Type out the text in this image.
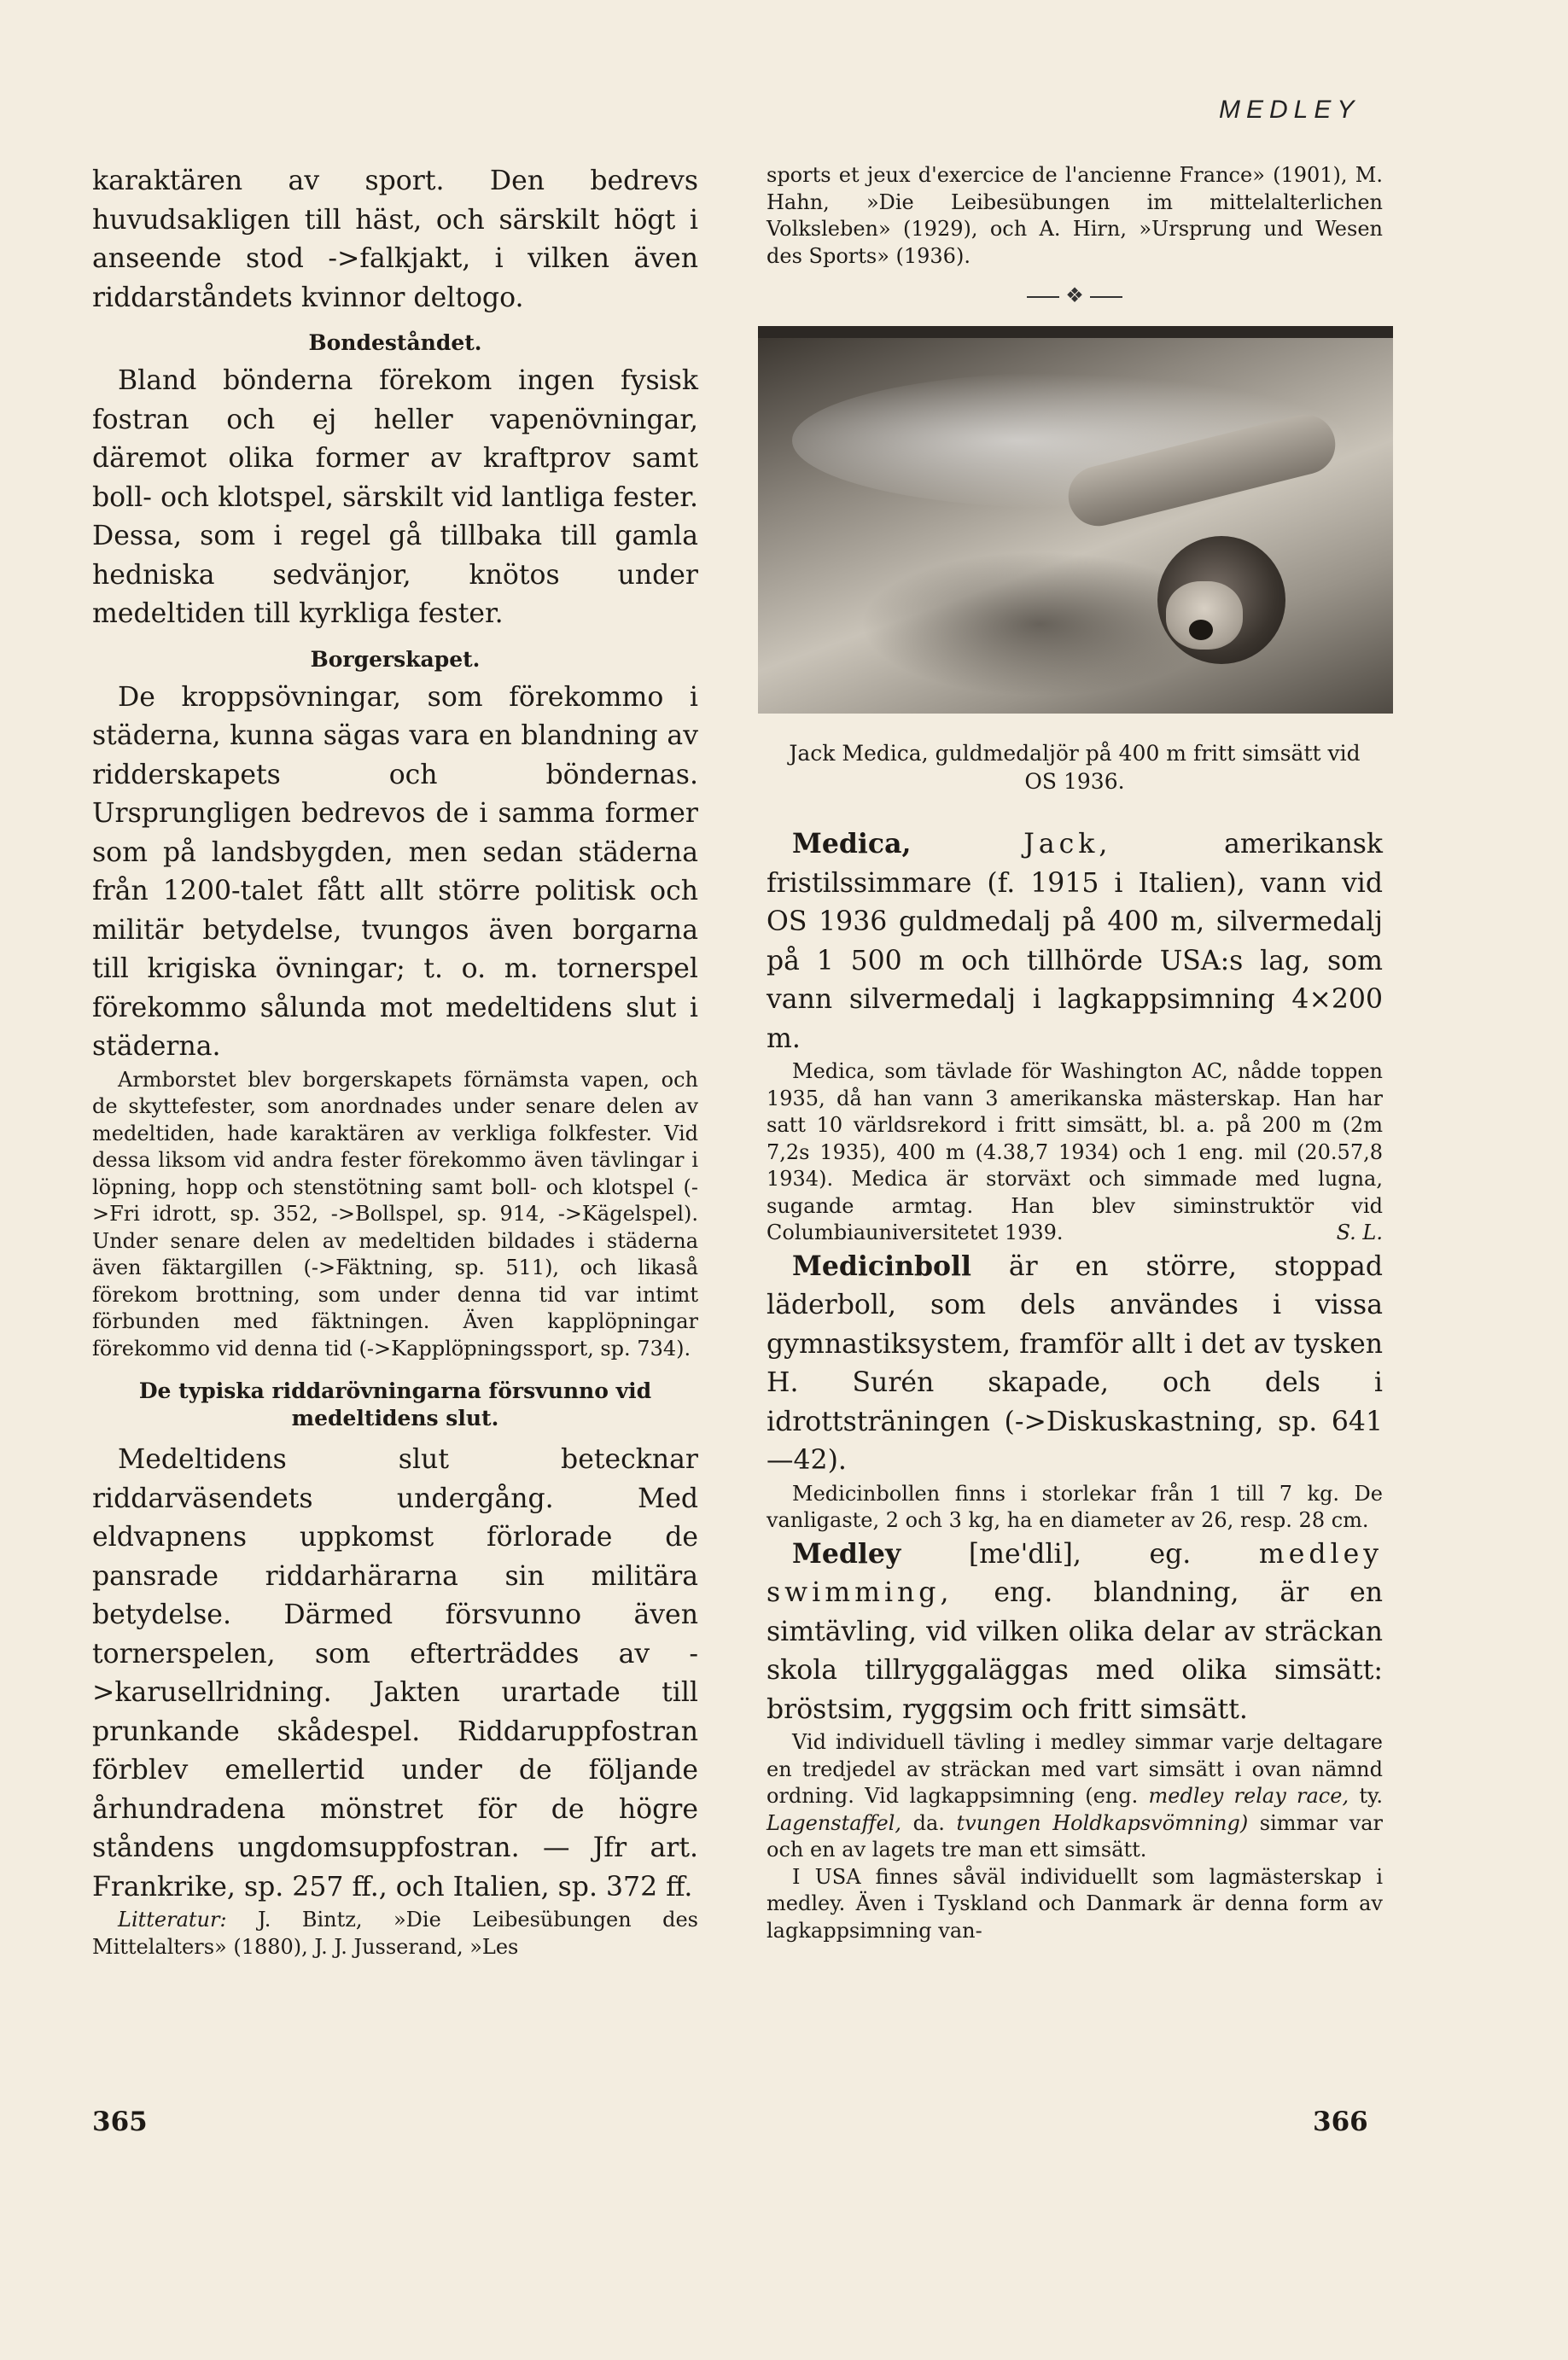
MEDLEY

karaktären av sport. Den bedrevs huvudsakligen till häst, och särskilt högt i anseende stod ->falkjakt, i vilken även riddarståndets kvinnor deltogo.

Bondeståndet.

Bland bönderna förekom ingen fysisk fostran och ej heller vapenövningar, däremot olika former av kraftprov samt boll- och klotspel, särskilt vid lantliga fester. Dessa, som i regel gå tillbaka till gamla hedniska sedvänjor, knötos under medeltiden till kyrkliga fester.

Borgerskapet.

De kroppsövningar, som förekommo i städerna, kunna sägas vara en blandning av ridderskapets och böndernas. Ursprungligen bedrevos de i samma former som på landsbygden, men sedan städerna från 1200-talet fått allt större politisk och militär betydelse, tvungos även borgarna till krigiska övningar; t. o. m. tornerspel förekommo sålunda mot medeltidens slut i städerna.

Armborstet blev borgerskapets förnämsta vapen, och de skyttefester, som anordnades under senare delen av medeltiden, hade karaktären av verkliga folkfester. Vid dessa liksom vid andra fester förekommo även tävlingar i löpning, hopp och stenstötning samt boll- och klotspel (->Fri idrott, sp. 352, ->Bollspel, sp. 914, ->Kägelspel). Under senare delen av medeltiden bildades i städerna även fäktargillen (->Fäktning, sp. 511), och likaså förekom brottning, som under denna tid var intimt förbunden med fäktningen. Även kapplöpningar förekommo vid denna tid (->Kapplöpningssport, sp. 734).

De typiska riddarövningarna försvunno vid medeltidens slut.

Medeltidens slut betecknar riddarväsendets undergång. Med eldvapnens uppkomst förlorade de pansrade riddarhärarna sin militära betydelse. Därmed försvunno även tornerspelen, som efterträddes av ->karusellridning. Jakten urartade till prunkande skådespel. Riddaruppfostran förblev emellertid under de följande århundradena mönstret för de högre ståndens ungdomsuppfostran. — Jfr art. Frankrike, sp. 257 ff., och Italien, sp. 372 ff.

Litteratur: J. Bintz, »Die Leibesübungen des Mittelalters» (1880), J. J. Jusserand, »Les

365

sports et jeux d'exercice de l'ancienne France» (1901), M. Hahn, »Die Leibesübungen im mittelalterlichen Volksleben» (1929), och A. Hirn, »Ursprung und Wesen des Sports» (1936).

❖
Jack Medica, guldmedaljör på 400 m fritt simsätt vid OS 1936.

Medica,	Jack,	amerikansk fristilssimmare (f. 1915 i Italien), vann vid OS 1936 guldmedalj på 400 m, silvermedalj på 1 500 m och tillhörde USA:s lag, som vann silvermedalj i lagkappsimning 4×200 m.

Medica, som tävlade för Washington AC, nådde toppen 1935, då han vann 3 amerikanska mästerskap. Han har satt 10 världsrekord i fritt simsätt, bl. a. på 200 m (2m 7,2s 1935), 400 m (4.38,7 1934) och 1 eng. mil (20.57,8 1934). Medica är storväxt och simmade med lugna, sugande armtag. Han blev siminstruktör vid Columbiauniversitetet 1939.	S. L.

Medicinboll är en större, stoppad läderboll, som dels användes i vissa gymnastiksystem, framför allt i det av tysken H. Surén skapade, och dels i idrottsträningen (->Diskuskastning, sp. 641—42).

Medicinbollen finns i storlekar från 1 till 7 kg. De vanligaste, 2 och 3 kg, ha en diameter av 26, resp. 28 cm.

Medley	[me'dli],	eg.	medley swimming, eng. blandning, är en simtävling, vid vilken olika delar av sträckan skola tillryggaläggas med olika simsätt: bröstsim, ryggsim och fritt simsätt.

Vid individuell tävling i medley simmar varje deltagare en tredjedel av sträckan med vart simsätt i ovan nämnd ordning. Vid lagkappsimning (eng. medley relay race, ty. Lagenstaffel, da. tvungen Holdkapsvömning) simmar var och en av lagets tre man ett simsätt.

I USA finnes såväl individuellt som lagmästerskap i medley. Även i Tyskland och Danmark är denna form av lagkappsimning van-

366
